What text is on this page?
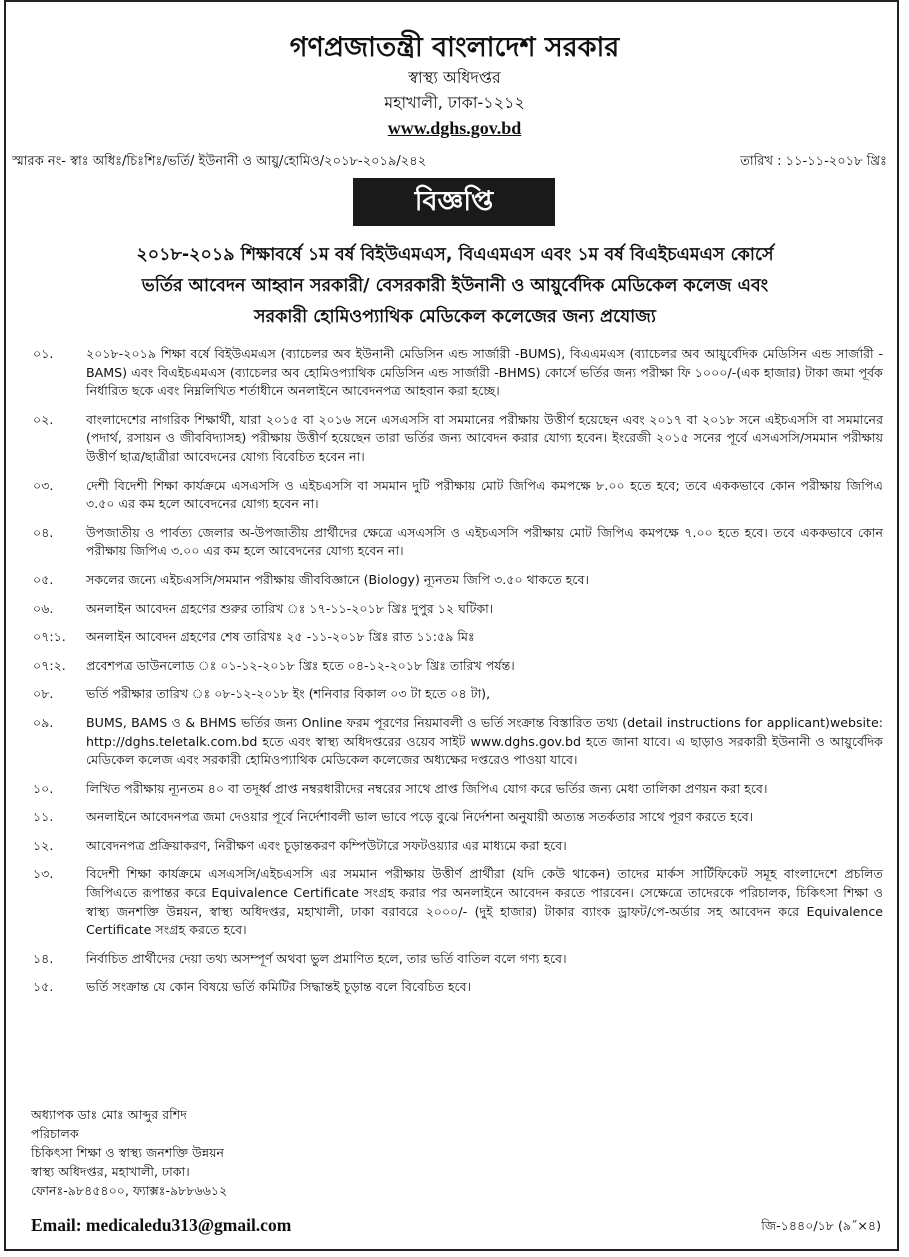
গণপ্রজাতন্ত্রী বাংলাদেশ সরকার
স্বাস্থ্য অধিদপ্তর
মহাখালী, ঢাকা-১২১২
www.dghs.gov.bd
স্মারক নং- স্বাঃ অধিঃ/চিঃশিঃ/ভর্তি/ ইউনানী ও আয়ু/হোমিও/২০১৮-২০১৯/২৪২	তারিখ : ১১-১১-২০১৮ খ্রিঃ
বিজ্ঞপ্তি
২০১৮-২০১৯ শিক্ষাবর্ষে ১ম বর্ষ বিইউএমএস, বিএএমএস এবং ১ম বর্ষ বিএইচএমএস কোর্সে
ভর্তির আবেদন আহ্বান সরকারী/ বেসরকারী ইউনানী ও আয়ুর্বেদিক মেডিকেল কলেজ এবং
সরকারী হোমিওপ্যাথিক মেডিকেল কলেজের জন্য প্রযোজ্য
০১.	২০১৮-২০১৯ শিক্ষা বর্ষে বিইউএমএস (ব্যাচেলর অব ইউনানী মেডিসিন এন্ড সার্জারী -BUMS), বিএএমএস (ব্যাচেলর অব আয়ুর্বেদিক মেডিসিন এন্ড সার্জারী -BAMS) এবং বিএইচএমএস (ব্যাচেলর অব হোমিওপ্যাথিক মেডিসিন এন্ড সার্জারী -BHMS) কোর্সে ভর্তির জন্য পরীক্ষা ফি ১০০০/-(এক হাজার) টাকা জমা পূর্বক নির্ধারিত ছকে এবং নিম্নলিখিত শর্তাধীনে অনলাইনে আবেদনপত্র আহবান করা হচ্ছে।
০২.	বাংলাদেশের নাগরিক শিক্ষার্থী, যারা ২০১৫ বা ২০১৬ সনে এসএসসি বা সমমানের পরীক্ষায় উত্তীর্ণ হয়েছেন এবং ২০১৭ বা ২০১৮ সনে এইচএসসি বা সমমানের (পদার্থ, রসায়ন ও জীববিদ্যাসহ) পরীক্ষায় উত্তীর্ণ হয়েছেন তারা ভর্তির জন্য আবেদন করার যোগ্য হবেন। ইংরেজী ২০১৫ সনের পূর্বে এসএসসি/সমমান পরীক্ষায় উত্তীর্ণ ছাত্র/ছাত্রীরা আবেদনের যোগ্য বিবেচিত হবেন না।
০৩.	দেশী বিদেশী শিক্ষা কার্যক্রমে এসএসসি ও এইচএসসি বা সমমান দুটি পরীক্ষায় মোট জিপিএ কমপক্ষে ৮.০০ হতে হবে; তবে এককভাবে কোন পরীক্ষায় জিপিএ ৩.৫০ এর কম হলে আবেদনের যোগ্য হবেন না।
০৪.	উপজাতীয় ও পার্বত্য জেলার অ-উপজাতীয় প্রার্থীদের ক্ষেত্রে এসএসসি ও এইচএসসি পরীক্ষায় মোট জিপিএ কমপক্ষে ৭.০০ হতে হবে। তবে এককভাবে কোন পরীক্ষায় জিপিএ ৩.০০ এর কম হলে আবেদনের যোগ্য হবেন না।
০৫.	সকলের জন্যে এইচএসসি/সমমান পরীক্ষায় জীববিজ্ঞানে (Biology) ন্যূনতম জিপি ৩.৫০ থাকতে হবে।
০৬.	অনলাইন আবেদন গ্রহণের শুরুর তারিখ ঃ ১৭-১১-২০১৮ খ্রিঃ দুপুর ১২ ঘটিকা।
০৭:১.	অনলাইন আবেদন গ্রহণের শেষ তারিখঃ ২৫ -১১-২০১৮ খ্রিঃ রাত ১১:৫৯ মিঃ
০৭:২.	প্রবেশপত্র ডাউনলোড ঃ ০১-১২-২০১৮ খ্রিঃ হতে ০৪-১২-২০১৮ খ্রিঃ তারিখ পর্যন্ত।
০৮.	ভর্তি পরীক্ষার তারিখ ঃ ০৮-১২-২০১৮ ইং (শনিবার বিকাল ০৩ টা হতে ০৪ টা),
০৯.	BUMS, BAMS ও & BHMS ভর্তির জন্য Online ফরম পূরণের নিয়মাবলী ও ভর্তি সংক্রান্ত বিস্তারিত তথ্য (detail instructions for applicant)website: http://dghs.teletalk.com.bd হতে এবং স্বাস্থ্য অধিদপ্তরের ওয়েব সাইট www.dghs.gov.bd হতে জানা যাবে। এ ছাড়াও সরকারী ইউনানী ও আয়ুর্বেদিক মেডিকেল কলেজ এবং সরকারী হোমিওপ্যাথিক মেডিকেল কলেজের অধ্যক্ষের দপ্তরেও পাওয়া যাবে।
১০.	লিখিত পরীক্ষায় ন্যূনতম ৪০ বা তদূর্ধ্ব প্রাপ্ত নম্বরধারীদের নম্বরের সাথে প্রাপ্ত জিপিএ যোগ করে ভর্তির জন্য মেধা তালিকা প্রণয়ন করা হবে।
১১.	অনলাইনে আবেদনপত্র জমা দেওয়ার পূর্বে নির্দেশাবলী ভাল ভাবে পড়ে বুঝে নির্দেশনা অনুযায়ী অত্যন্ত সতর্কতার সাথে পূরণ করতে হবে।
১২.	আবেদনপত্র প্রক্রিয়াকরণ, নিরীক্ষণ এবং চূড়ান্তকরণ কম্পিউটারে সফটওয়্যার এর মাধ্যমে করা হবে।
১৩.	বিদেশী শিক্ষা কার্যক্রমে এসএসসি/এইচএসসি এর সমমান পরীক্ষায় উত্তীর্ণ প্রার্থীরা (যদি কেউ থাকেন) তাদের মার্কস সার্টিফিকেট সমূহ বাংলাদেশে প্রচলিত জিপিএতে রূপান্তর করে Equivalence Certificate সংগ্রহ করার পর অনলাইনে আবেদন করতে পারবেন। সেক্ষেত্রে তাদেরকে পরিচালক, চিকিৎসা শিক্ষা ও স্বাস্থ্য জনশক্তি উন্নয়ন, স্বাস্থ্য অধিদপ্তর, মহাখালী, ঢাকা বরাবরে ২০০০/- (দুই হাজার) টাকার ব্যাংক ড্রাফট/পে-অর্ডার সহ আবেদন করে Equivalence Certificate সংগ্রহ করতে হবে।
১৪.	নির্বাচিত প্রার্থীদের দেয়া তথ্য অসম্পূর্ণ অথবা ভুল প্রমাণিত হলে, তার ভর্তি বাতিল বলে গণ্য হবে।
১৫.	ভর্তি সংক্রান্ত যে কোন বিষয়ে ভর্তি কমিটির সিদ্ধান্তই চূড়ান্ত বলে বিবেচিত হবে।
অধ্যাপক ডাঃ মোঃ আব্দুর রশিদ
পরিচালক
চিকিৎসা শিক্ষা ও স্বাস্থ্য জনশক্তি উন্নয়ন
স্বাস্থ্য অধিদপ্তর, মহাখালী, ঢাকা।
ফোনঃ-৯৮৪৫৪০০, ফ্যাক্সঃ-৯৮৮৬৬১২
Email: medicaledu313@gmail.com	জি-১৪৪০/১৮ (৯˝×৪)
